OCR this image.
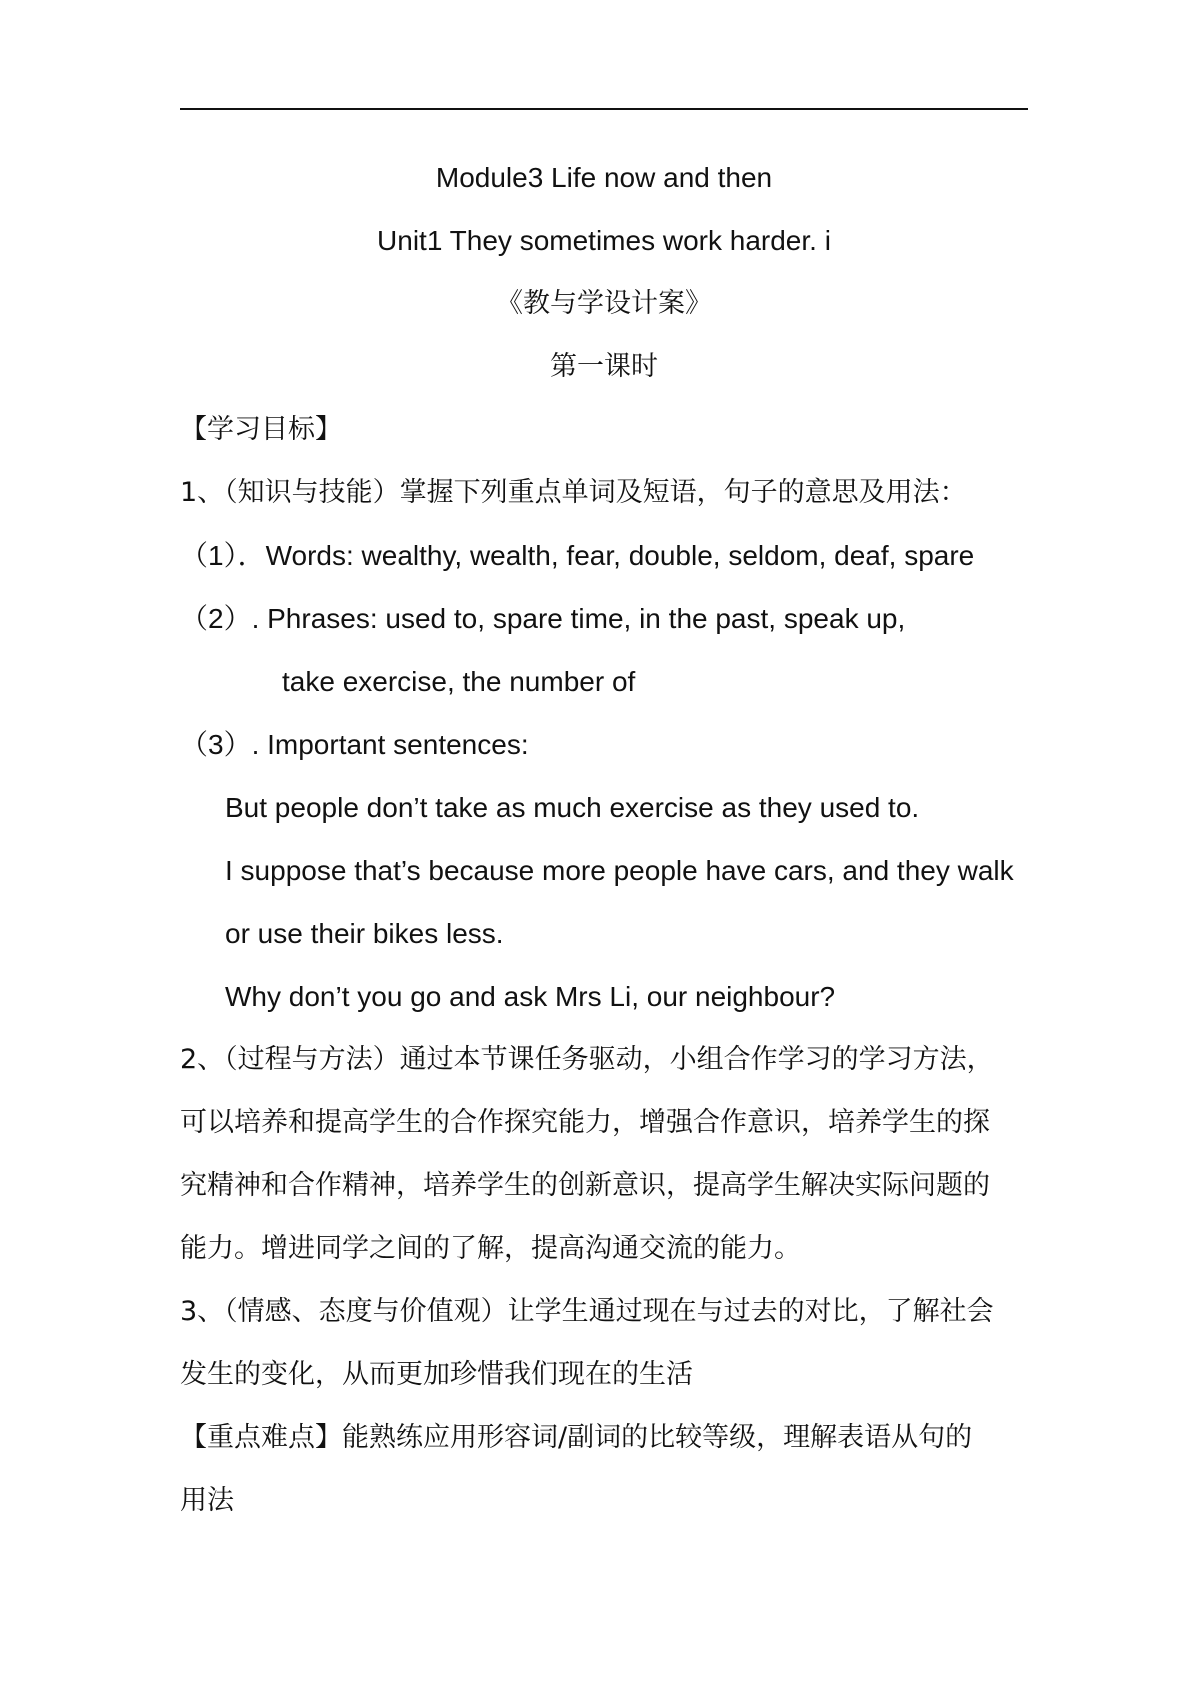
Module3 Life now and then
Unit1 They sometimes work harder. i
《教与学设计案》
第一课时
【学习目标】
1、（知识与技能）掌握下列重点单词及短语，句子的意思及用法：
（1）．Words: wealthy, wealth, fear, double, seldom, deaf, spare
（2）. Phrases: used to, spare time, in the past, speak up,
take exercise, the number of
（3）. Important sentences:
But people don’t take as much exercise as they used to.
I suppose that’s because more people have cars, and they walk
or use their bikes less.
Why don’t you go and ask Mrs Li, our neighbour?
2、（过程与方法）通过本节课任务驱动，小组合作学习的学习方法，
可以培养和提高学生的合作探究能力，增强合作意识，培养学生的探
究精神和合作精神，培养学生的创新意识，提高学生解决实际问题的
能力。增进同学之间的了解，提高沟通交流的能力。
3、（情感、态度与价值观）让学生通过现在与过去的对比，了解社会
发生的变化，从而更加珍惜我们现在的生活
【重点难点】能熟练应用形容词/副词的比较等级，理解表语从句的
用法
